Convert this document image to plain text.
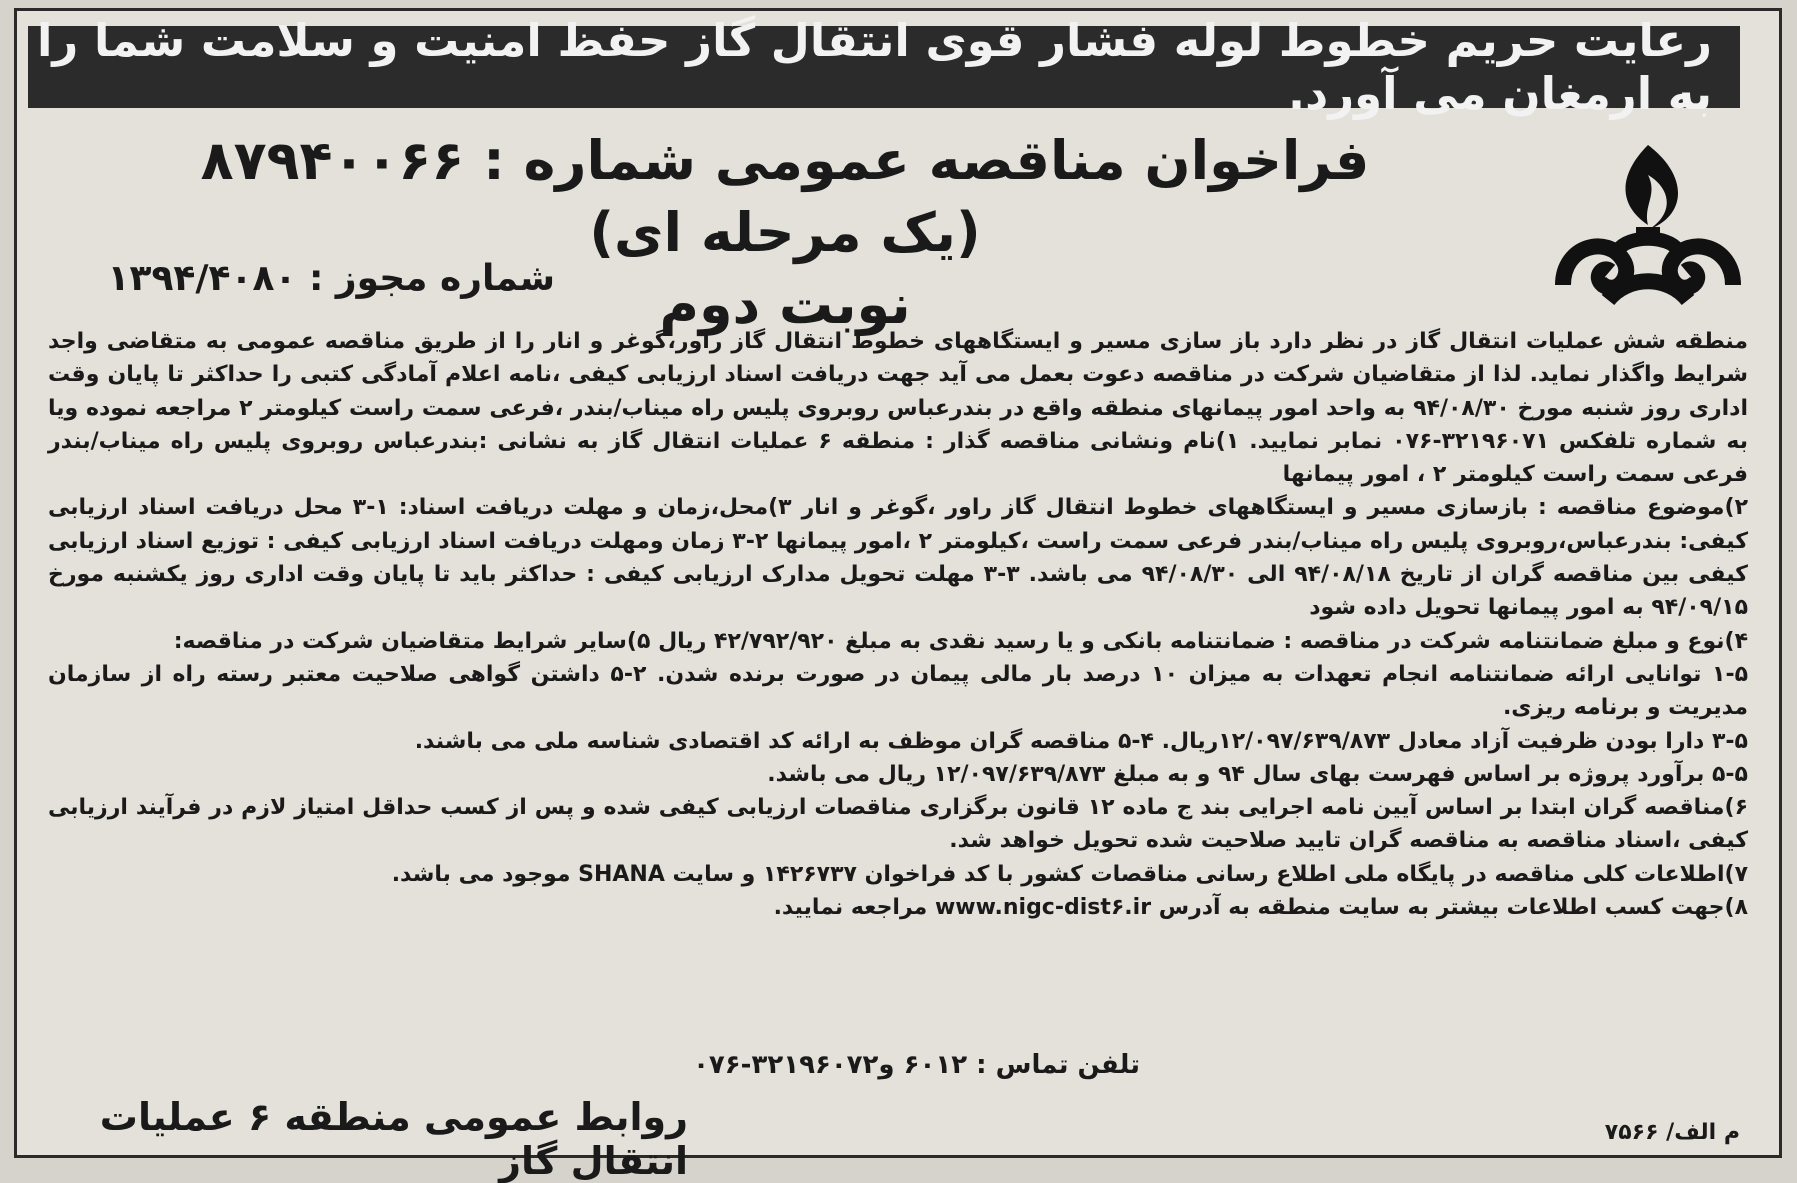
رعایت حریم خطوط لوله فشار قوی انتقال گاز حفظ امنیت و سلامت شما را به ارمغان می آورد.
فراخوان مناقصه عمومی شماره : ۸۷۹۴۰۰۶۶ (یک مرحله ای)
نوبت دوم
شماره مجوز : ۱۳۹۴/۴۰۸۰

منطقه شش عملیات انتقال گاز در نظر دارد باز سازی مسیر و ایستگاههای خطوط انتقال گاز راور،گوغر و انار را از طریق مناقصه عمومی به متقاضی واجد شرایط واگذار نماید. لذا از متقاضیان شرکت در مناقصه دعوت بعمل می آید جهت دریافت اسناد ارزیابی کیفی ،نامه اعلام آمادگی کتبی را حداکثر تا پایان وقت اداری روز شنبه مورخ ۹۴/۰۸/۳۰ به واحد امور پیمانهای منطقه واقع در بندرعباس روبروی پلیس راه میناب/بندر ،فرعی سمت راست کیلومتر ۲ مراجعه نموده ویا به شماره تلفکس ۳۲۱۹۶۰۷۱-۰۷۶ نمابر نمایید. ۱)نام ونشانی مناقصه گذار : منطقه ۶ عملیات انتقال گاز به نشانی :بندرعباس روبروی پلیس راه میناب/بندر فرعی سمت راست کیلومتر ۲ ، امور پیمانها

۲)موضوع مناقصه : بازسازی مسیر و ایستگاههای خطوط انتقال گاز راور ،گوغر و انار ۳)محل،زمان و مهلت دریافت اسناد: ۱-۳ محل دریافت اسناد ارزیابی کیفی: بندرعباس،روبروی پلیس راه میناب/بندر فرعی سمت راست ،کیلومتر ۲ ،امور پیمانها ۲-۳ زمان ومهلت دریافت اسناد ارزیابی کیفی : توزیع اسناد ارزیابی کیفی بین مناقصه گران از تاریخ ۹۴/۰۸/۱۸ الی ۹۴/۰۸/۳۰ می باشد. ۳-۳ مهلت تحویل مدارک ارزیابی کیفی : حداکثر باید تا پایان وقت اداری روز یکشنبه مورخ ۹۴/۰۹/۱۵ به امور پیمانها تحویل داده شود

۴)نوع و مبلغ ضمانتنامه شرکت در مناقصه : ضمانتنامه بانکی و یا رسید نقدی به مبلغ ۴۲/۷۹۲/۹۲۰ ریال ۵)سایر شرایط متقاضیان شرکت در مناقصه:

۱-۵ توانایی ارائه ضمانتنامه انجام تعهدات به میزان ۱۰ درصد بار مالی پیمان در صورت برنده شدن. ۲-۵ داشتن گواهی صلاحیت معتبر رسته راه از سازمان مدیریت و برنامه ریزی.

۳-۵ دارا بودن ظرفیت آزاد معادل ۱۲/۰۹۷/۶۳۹/۸۷۳ریال. ۴-۵ مناقصه گران موظف به ارائه کد اقتصادی شناسه ملی می باشند.

۵-۵ برآورد پروژه بر اساس فهرست بهای سال ۹۴ و به مبلغ ۱۲/۰۹۷/۶۳۹/۸۷۳ ریال می باشد.

۶)مناقصه گران ابتدا بر اساس آیین نامه اجرایی بند ج ماده ۱۲ قانون برگزاری مناقصات ارزیابی کیفی شده و پس از کسب حداقل امتیاز لازم در فرآیند ارزیابی کیفی ،اسناد مناقصه به مناقصه گران تایید صلاحیت شده تحویل خواهد شد.

۷)اطلاعات کلی مناقصه در پایگاه ملی اطلاع رسانی مناقصات کشور با کد فراخوان ۱۴۲۶۷۳۷ و سایت SHANA موجود می باشد.

۸)جهت کسب اطلاعات بیشتر به سایت منطقه به آدرس www.nigc-dist۶.ir مراجعه نمایید.

تلفن تماس : ۶۰۱۲ و۳۲۱۹۶۰۷۲-۰۷۶
روابط عمومی منطقه ۶ عملیات انتقال گاز
م الف/ ۷۵۶۶
